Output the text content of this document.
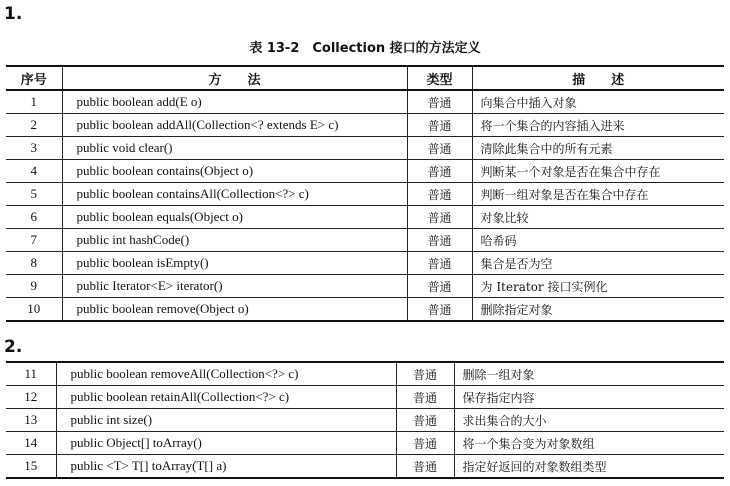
1.
表 13-2　Collection 接口的方法定义
序号	方　　法	类型	描　　述
1	public boolean add(E o)	普通	向集合中插入对象
2	public boolean addAll(Collection<? extends E> c)	普通	将一个集合的内容插入进来
3	public void clear()	普通	清除此集合中的所有元素
4	public boolean contains(Object o)	普通	判断某一个对象是否在集合中存在
5	public boolean containsAll(Collection<?> c)	普通	判断一组对象是否在集合中存在
6	public boolean equals(Object o)	普通	对象比较
7	public int hashCode()	普通	哈希码
8	public boolean isEmpty()	普通	集合是否为空
9	public Iterator<E> iterator()	普通	为 Iterator 接口实例化
10	public boolean remove(Object o)	普通	删除指定对象
2.
11	public boolean removeAll(Collection<?> c)	普通	删除一组对象
12	public boolean retainAll(Collection<?> c)	普通	保存指定内容
13	public int size()	普通	求出集合的大小
14	public Object[] toArray()	普通	将一个集合变为对象数组
15	public <T> T[] toArray(T[] a)	普通	指定好返回的对象数组类型
